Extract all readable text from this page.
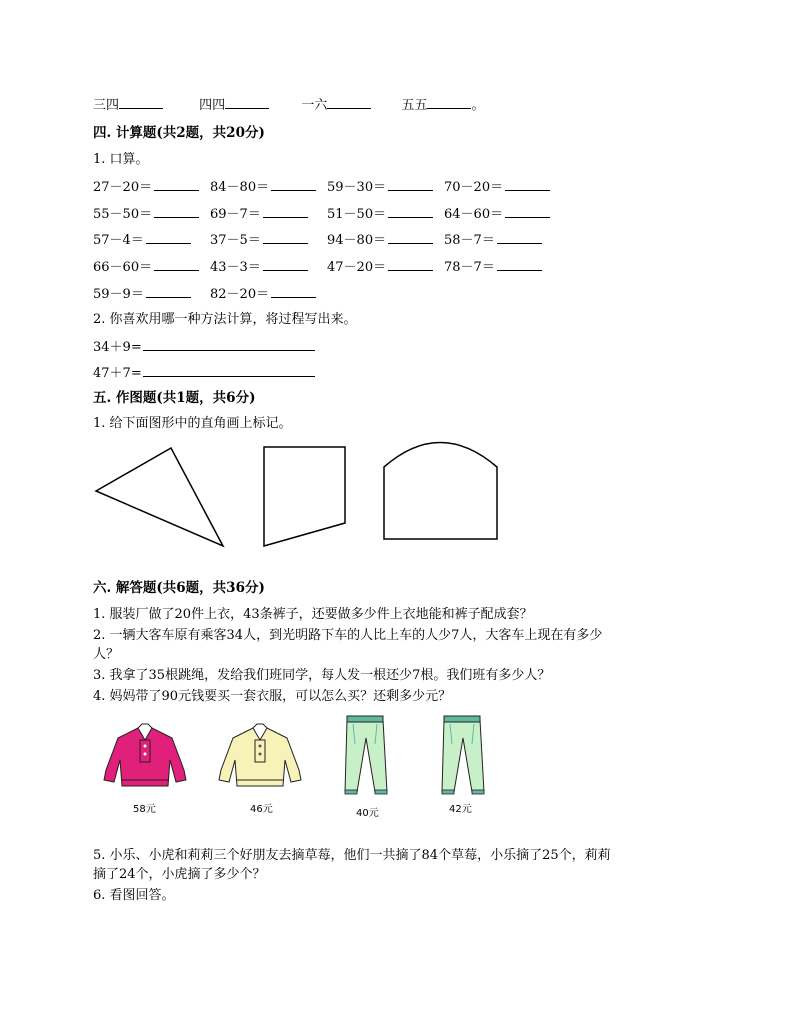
三四	四四	一六	五五	。
四. 计算题(共2题，共20分)
1. 口算。
27－20＝	84－80＝	59－30＝	70－20＝
55－50＝	69－7＝	51－50＝	64－60＝
57－4＝	37－5＝	94－80＝	58－7＝
66－60＝	43－3＝	47－20＝	78－7＝
59－9＝	82－20＝
2. 你喜欢用哪一种方法计算，将过程写出来。
34＋9=
47＋7=
五. 作图题(共1题，共6分)
1. 给下面图形中的直角画上标记。
六. 解答题(共6题，共36分)
1. 服装厂做了20件上衣，43条裤子，还要做多少件上衣地能和裤子配成套？
2. 一辆大客车原有乘客34人，到光明路下车的人比上车的人少7人，大客车上现在有多少
人？
3. 我拿了35根跳绳，发给我们班同学，每人发一根还少7根。我们班有多少人？
4. 妈妈带了90元钱要买一套衣服，可以怎么买？还剩多少元？
58元	46元	40元	42元
5. 小乐、小虎和莉莉三个好朋友去摘草莓，他们一共摘了84个草莓，小乐摘了25个，莉莉
摘了24个，小虎摘了多少个？
6. 看图回答。
